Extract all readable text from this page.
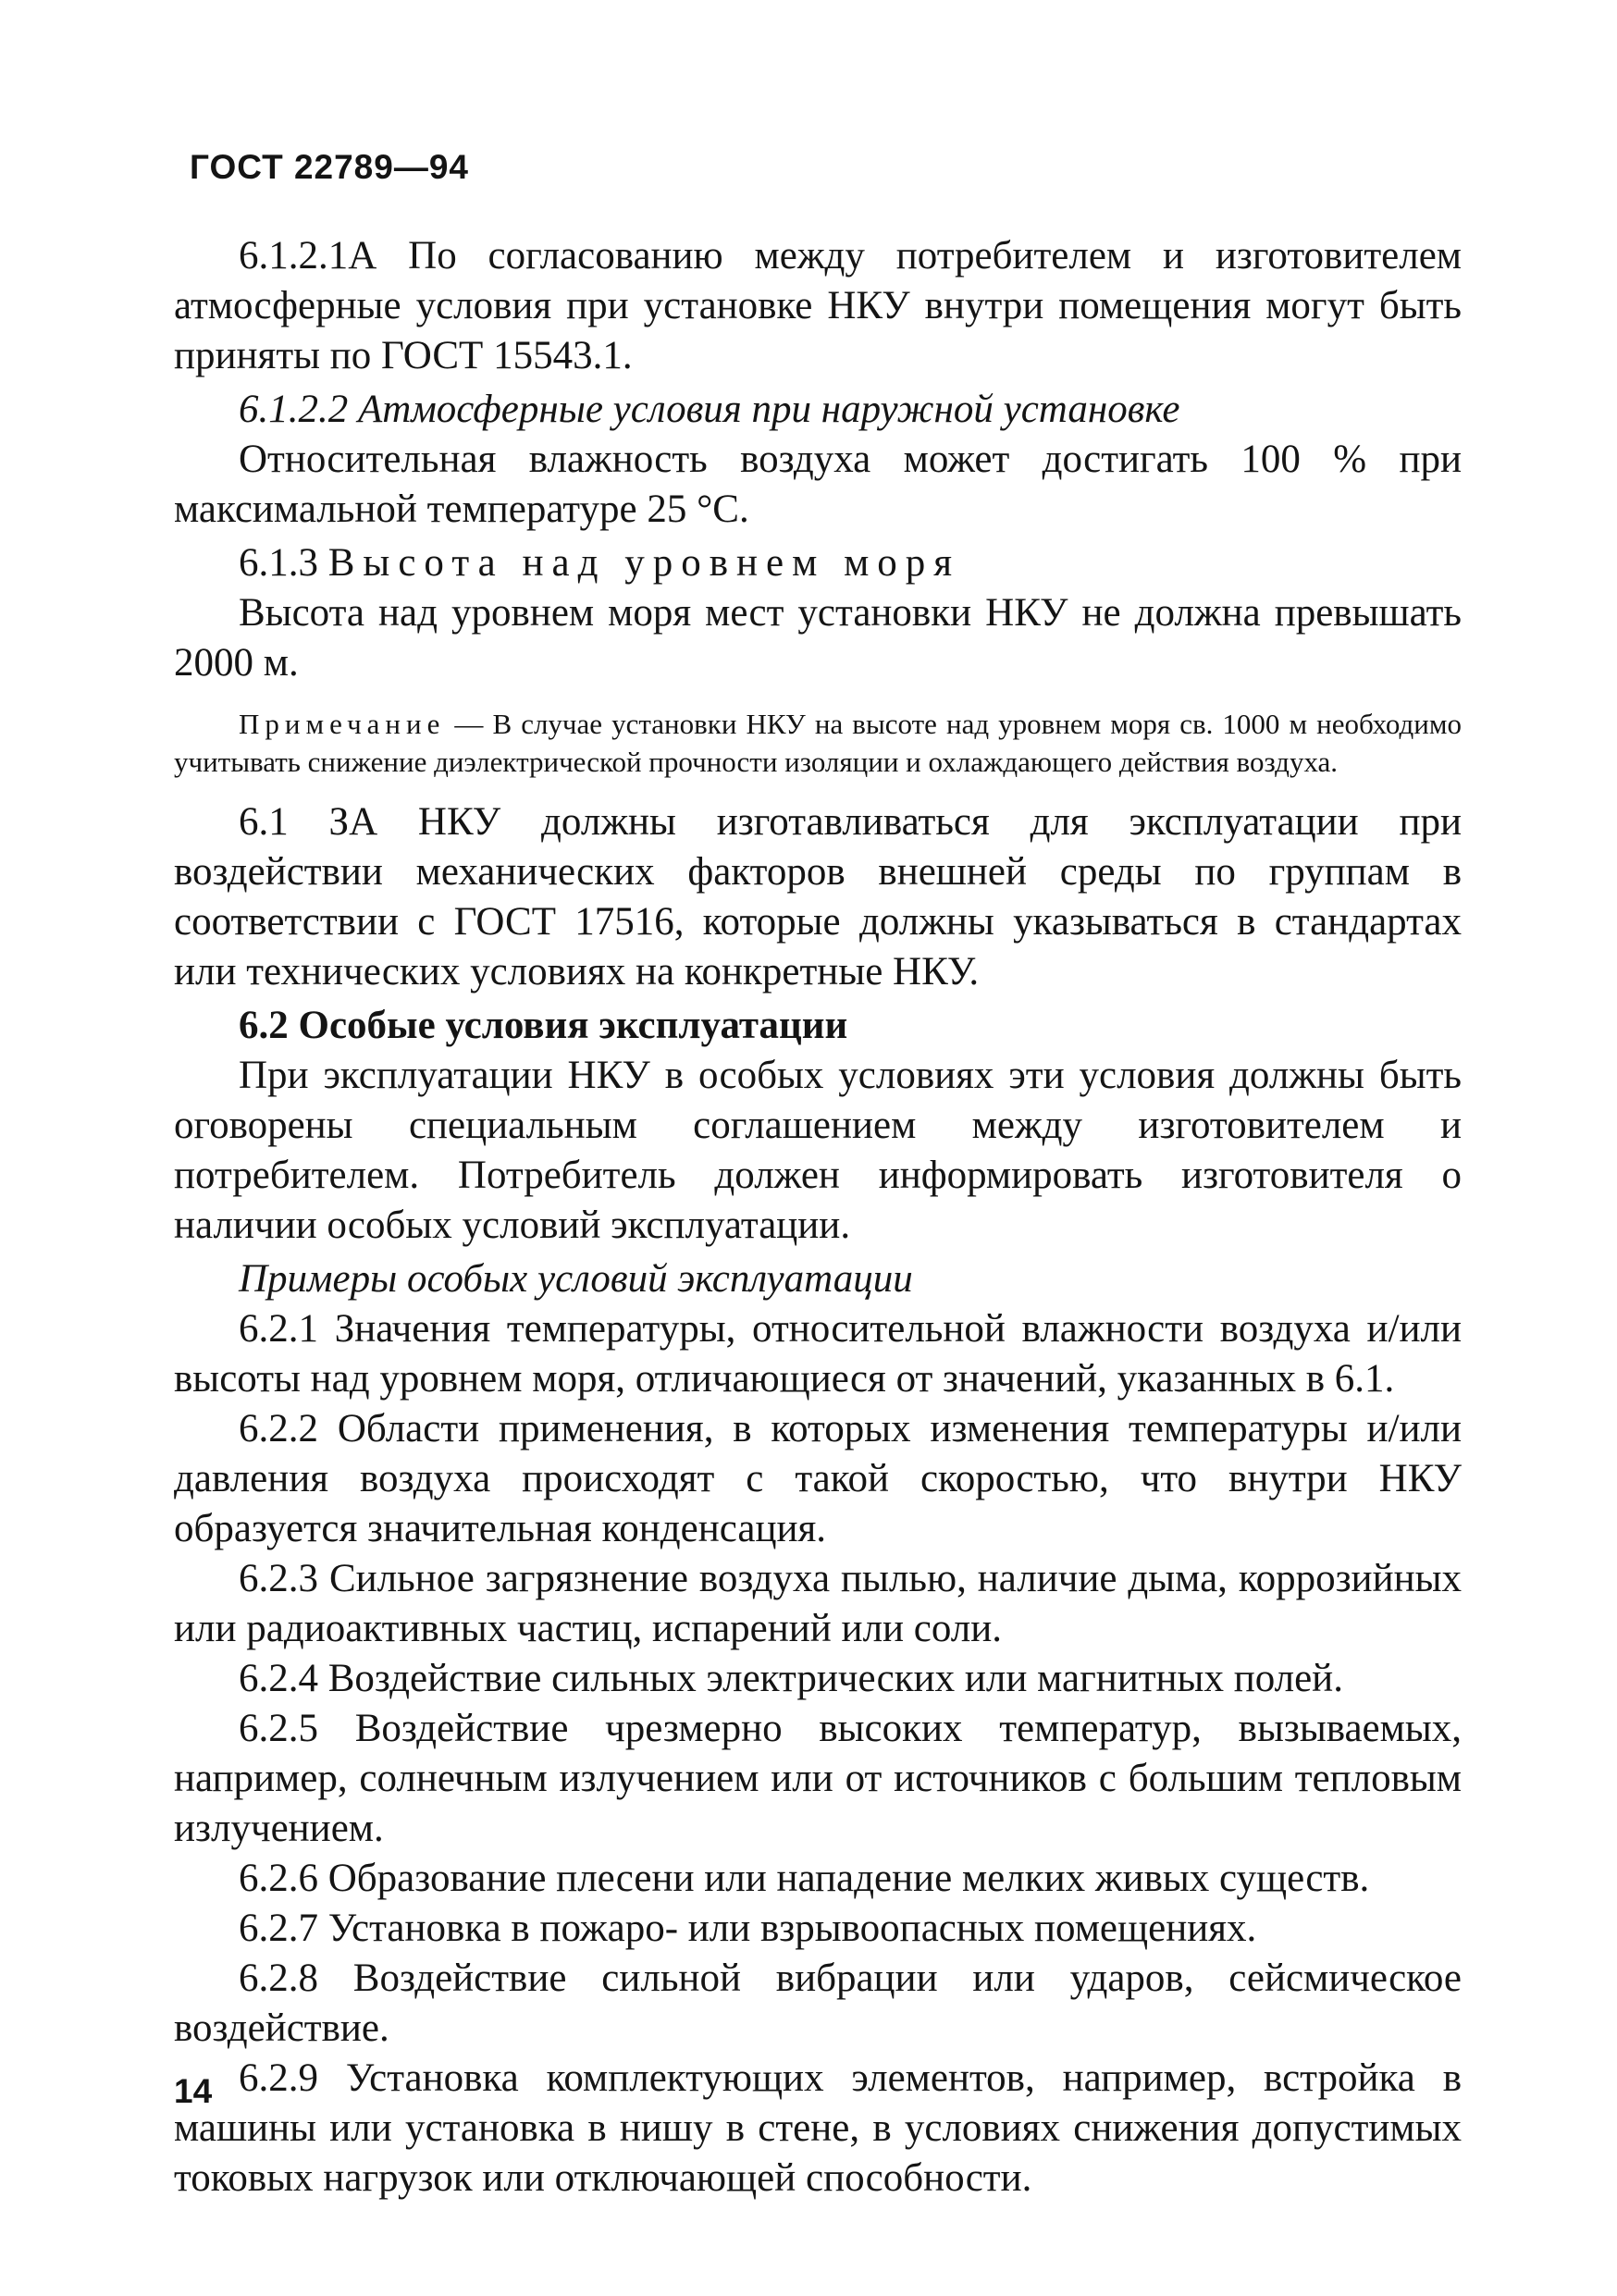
ГОСТ 22789—94

6.1.2.1А По согласованию между потребителем и изготовителем атмосферные условия при установке НКУ внутри помещения могут быть приняты по ГОСТ 15543.1.

6.1.2.2 Атмосферные условия при наружной установке

Относительная влажность воздуха может достигать 100 % при максимальной температуре 25 °С.

6.1.3 Высота над уровнем моря

Высота над уровнем моря мест установки НКУ не должна превышать 2000 м.

Примечание — В случае установки НКУ на высоте над уровнем моря св. 1000 м необходимо учитывать снижение диэлектрической прочности изоляции и охлаждающего действия воздуха.

6.1 ЗА НКУ должны изготавливаться для эксплуатации при воздействии механических факторов внешней среды по группам в соответствии с ГОСТ 17516, которые должны указываться в стандартах или технических условиях на конкретные НКУ.

6.2 Особые условия эксплуатации

При эксплуатации НКУ в особых условиях эти условия должны быть оговорены специальным соглашением между изготовителем и потребителем. Потребитель должен информировать изготовителя о наличии особых условий эксплуатации.

Примеры особых условий эксплуатации

6.2.1 Значения температуры, относительной влажности воздуха и/или высоты над уровнем моря, отличающиеся от значений, указанных в 6.1.

6.2.2 Области применения, в которых изменения температуры и/или давления воздуха происходят с такой скоростью, что внутри НКУ образуется значительная конденсация.

6.2.3 Сильное загрязнение воздуха пылью, наличие дыма, коррозийных или радиоактивных частиц, испарений или соли.

6.2.4 Воздействие сильных электрических или магнитных полей.

6.2.5 Воздействие чрезмерно высоких температур, вызываемых, например, солнечным излучением или от источников с большим тепловым излучением.

6.2.6 Образование плесени или нападение мелких живых существ.

6.2.7 Установка в пожаро- или взрывоопасных помещениях.

6.2.8 Воздействие сильной вибрации или ударов, сейсмическое воздействие.

6.2.9 Установка комплектующих элементов, например, встройка в машины или установка в нишу в стене, в условиях снижения допустимых токовых нагрузок или отключающей способности.

14
